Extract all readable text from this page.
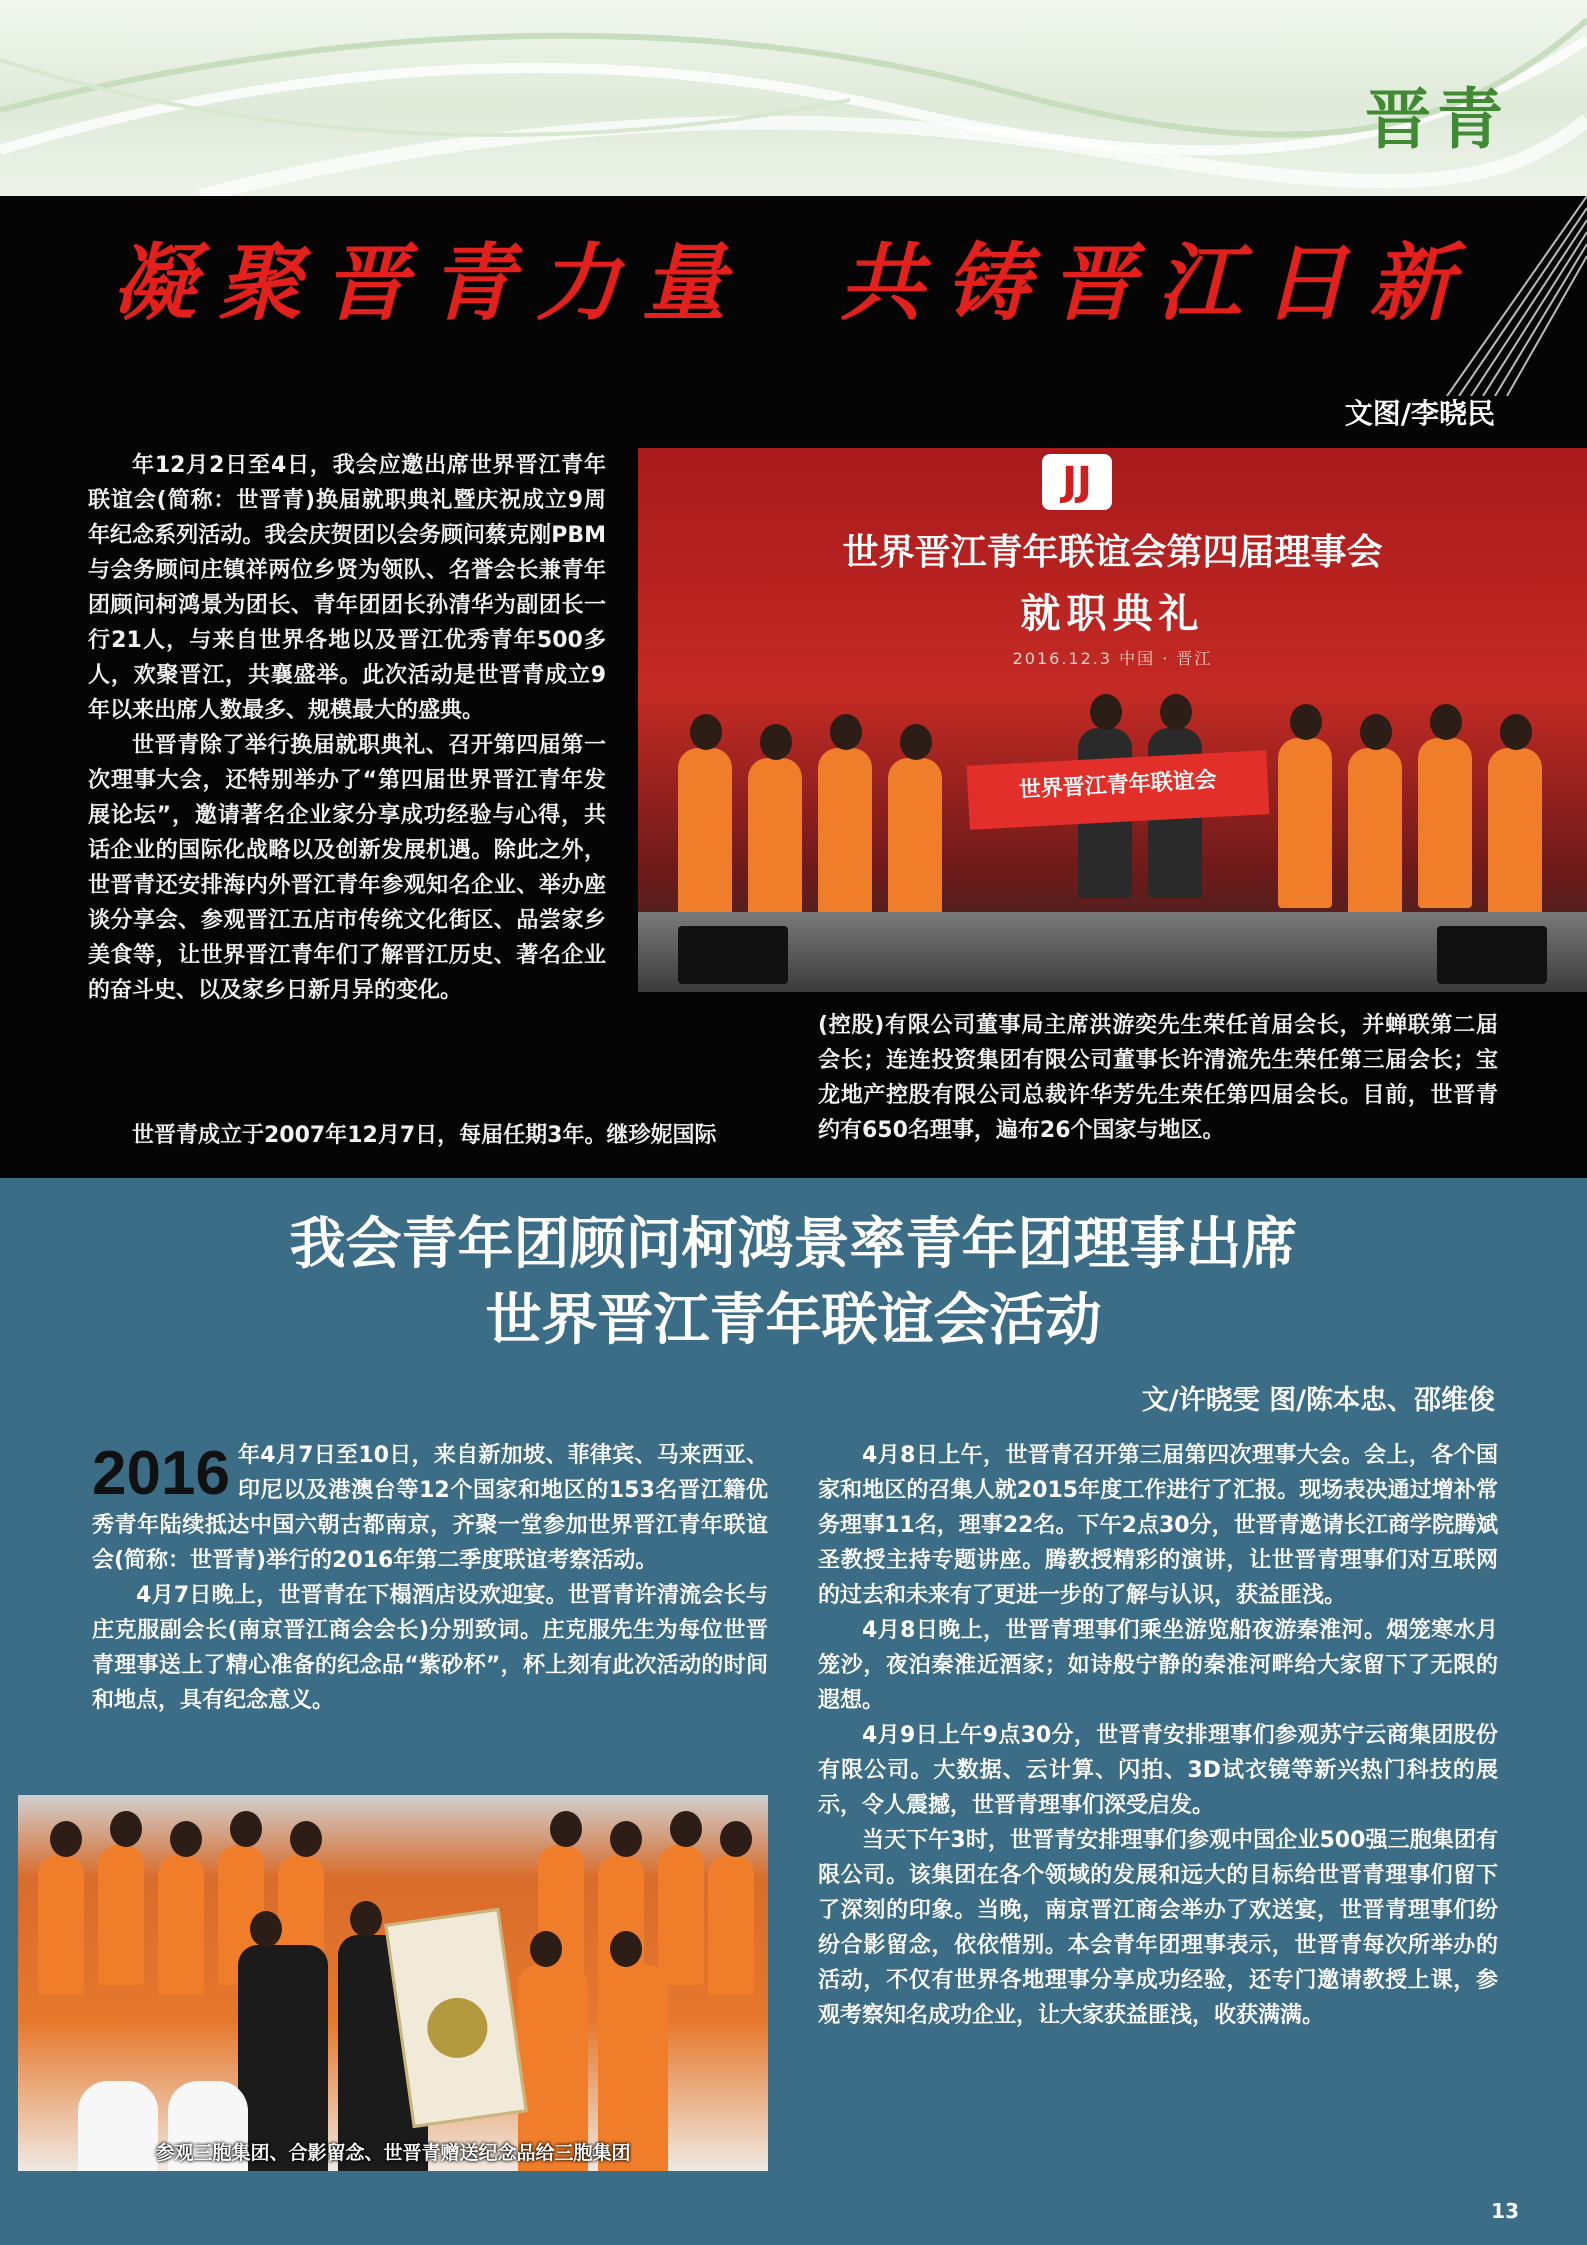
晋青
凝聚晋青力量 共铸晋江日新
文图/李晓民
JJ
世界晋江青年联谊会第四届理事会
就职典礼
2016.12.3 中国 · 晋江
世界晋江青年联谊会

年12月2日至4日，我会应邀出席世界晋江青年联谊会(简称：世晋青)换届就职典礼暨庆祝成立9周年纪念系列活动。我会庆贺团以会务顾问蔡克刚PBM与会务顾问庄镇祥两位乡贤为领队、名誉会长兼青年团顾问柯鸿景为团长、青年团团长孙清华为副团长一行21人，与来自世界各地以及晋江优秀青年500多人，欢聚晋江，共襄盛举。此次活动是世晋青成立9年以来出席人数最多、规模最大的盛典。

世晋青除了举行换届就职典礼、召开第四届第一次理事大会，还特别举办了“第四届世界晋江青年发展论坛”，邀请著名企业家分享成功经验与心得，共话企业的国际化战略以及创新发展机遇。除此之外，世晋青还安排海内外晋江青年参观知名企业、举办座谈分享会、参观晋江五店市传统文化街区、品尝家乡美食等，让世界晋江青年们了解晋江历史、著名企业的奋斗史、以及家乡日新月异的变化。

世晋青成立于2007年12月7日，每届任期3年。继珍妮国际

(控股)有限公司董事局主席洪游奕先生荣任首届会长，并蝉联第二届会长；连连投资集团有限公司董事长许清流先生荣任第三届会长；宝龙地产控股有限公司总裁许华芳先生荣任第四届会长。目前，世晋青约有650名理事，遍布26个国家与地区。

我会青年团顾问柯鸿景率青年团理事出席
世界晋江青年联谊会活动
文/许晓雯 图/陈本忠、邵维俊

2016 年4月7日至10日，来自新加坡、菲律宾、马来西亚、印尼以及港澳台等12个国家和地区的153名晋江籍优秀青年陆续抵达中国六朝古都南京，齐聚一堂参加世界晋江青年联谊会(简称：世晋青)举行的2016年第二季度联谊考察活动。

4月7日晚上，世晋青在下榻酒店设欢迎宴。世晋青许清流会长与庄克服副会长(南京晋江商会会长)分别致词。庄克服先生为每位世晋青理事送上了精心准备的纪念品“紫砂杯”，杯上刻有此次活动的时间和地点，具有纪念意义。

4月8日上午，世晋青召开第三届第四次理事大会。会上，各个国家和地区的召集人就2015年度工作进行了汇报。现场表决通过增补常务理事11名，理事22名。下午2点30分，世晋青邀请长江商学院腾斌圣教授主持专题讲座。腾教授精彩的演讲，让世晋青理事们对互联网的过去和未来有了更进一步的了解与认识，获益匪浅。

4月8日晚上，世晋青理事们乘坐游览船夜游秦淮河。烟笼寒水月笼沙，夜泊秦淮近酒家；如诗般宁静的秦淮河畔给大家留下了无限的遐想。

4月9日上午9点30分，世晋青安排理事们参观苏宁云商集团股份有限公司。大数据、云计算、闪拍、3D试衣镜等新兴热门科技的展示，令人震撼，世晋青理事们深受启发。

当天下午3时，世晋青安排理事们参观中国企业500强三胞集团有限公司。该集团在各个领域的发展和远大的目标给世晋青理事们留下了深刻的印象。当晚，南京晋江商会举办了欢送宴，世晋青理事们纷纷合影留念，依依惜别。本会青年团理事表示，世晋青每次所举办的活动，不仅有世界各地理事分享成功经验，还专门邀请教授上课，参观考察知名成功企业，让大家获益匪浅，收获满满。

参观三胞集团、合影留念、世晋青赠送纪念品给三胞集团
13
